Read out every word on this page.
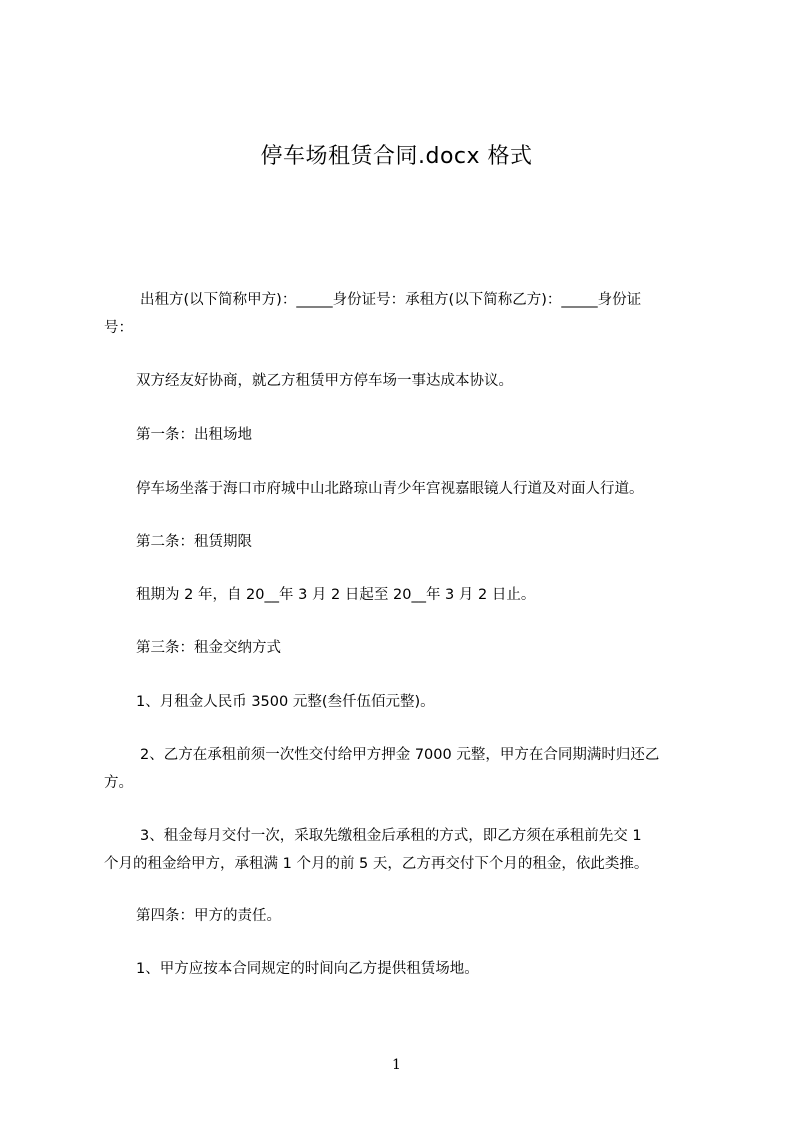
停车场租赁合同.docx 格式
出租方(以下简称甲方)：_____身份证号：承租方(以下简称乙方)：_____身份证
号：
双方经友好协商，就乙方租赁甲方停车场一事达成本协议。
第一条：出租场地
停车场坐落于海口市府城中山北路琼山青少年宫视嘉眼镜人行道及对面人行道。
第二条：租赁期限
租期为 2 年，自 20__年 3 月 2 日起至 20__年 3 月 2 日止。
第三条：租金交纳方式
1、月租金人民币 3500 元整(叁仟伍佰元整)。
2、乙方在承租前须一次性交付给甲方押金 7000 元整，甲方在合同期满时归还乙
方。
3、租金每月交付一次，采取先缴租金后承租的方式，即乙方须在承租前先交 1
个月的租金给甲方，承租满 1 个月的前 5 天，乙方再交付下个月的租金，依此类推。
第四条：甲方的责任。
1、甲方应按本合同规定的时间向乙方提供租赁场地。
1
